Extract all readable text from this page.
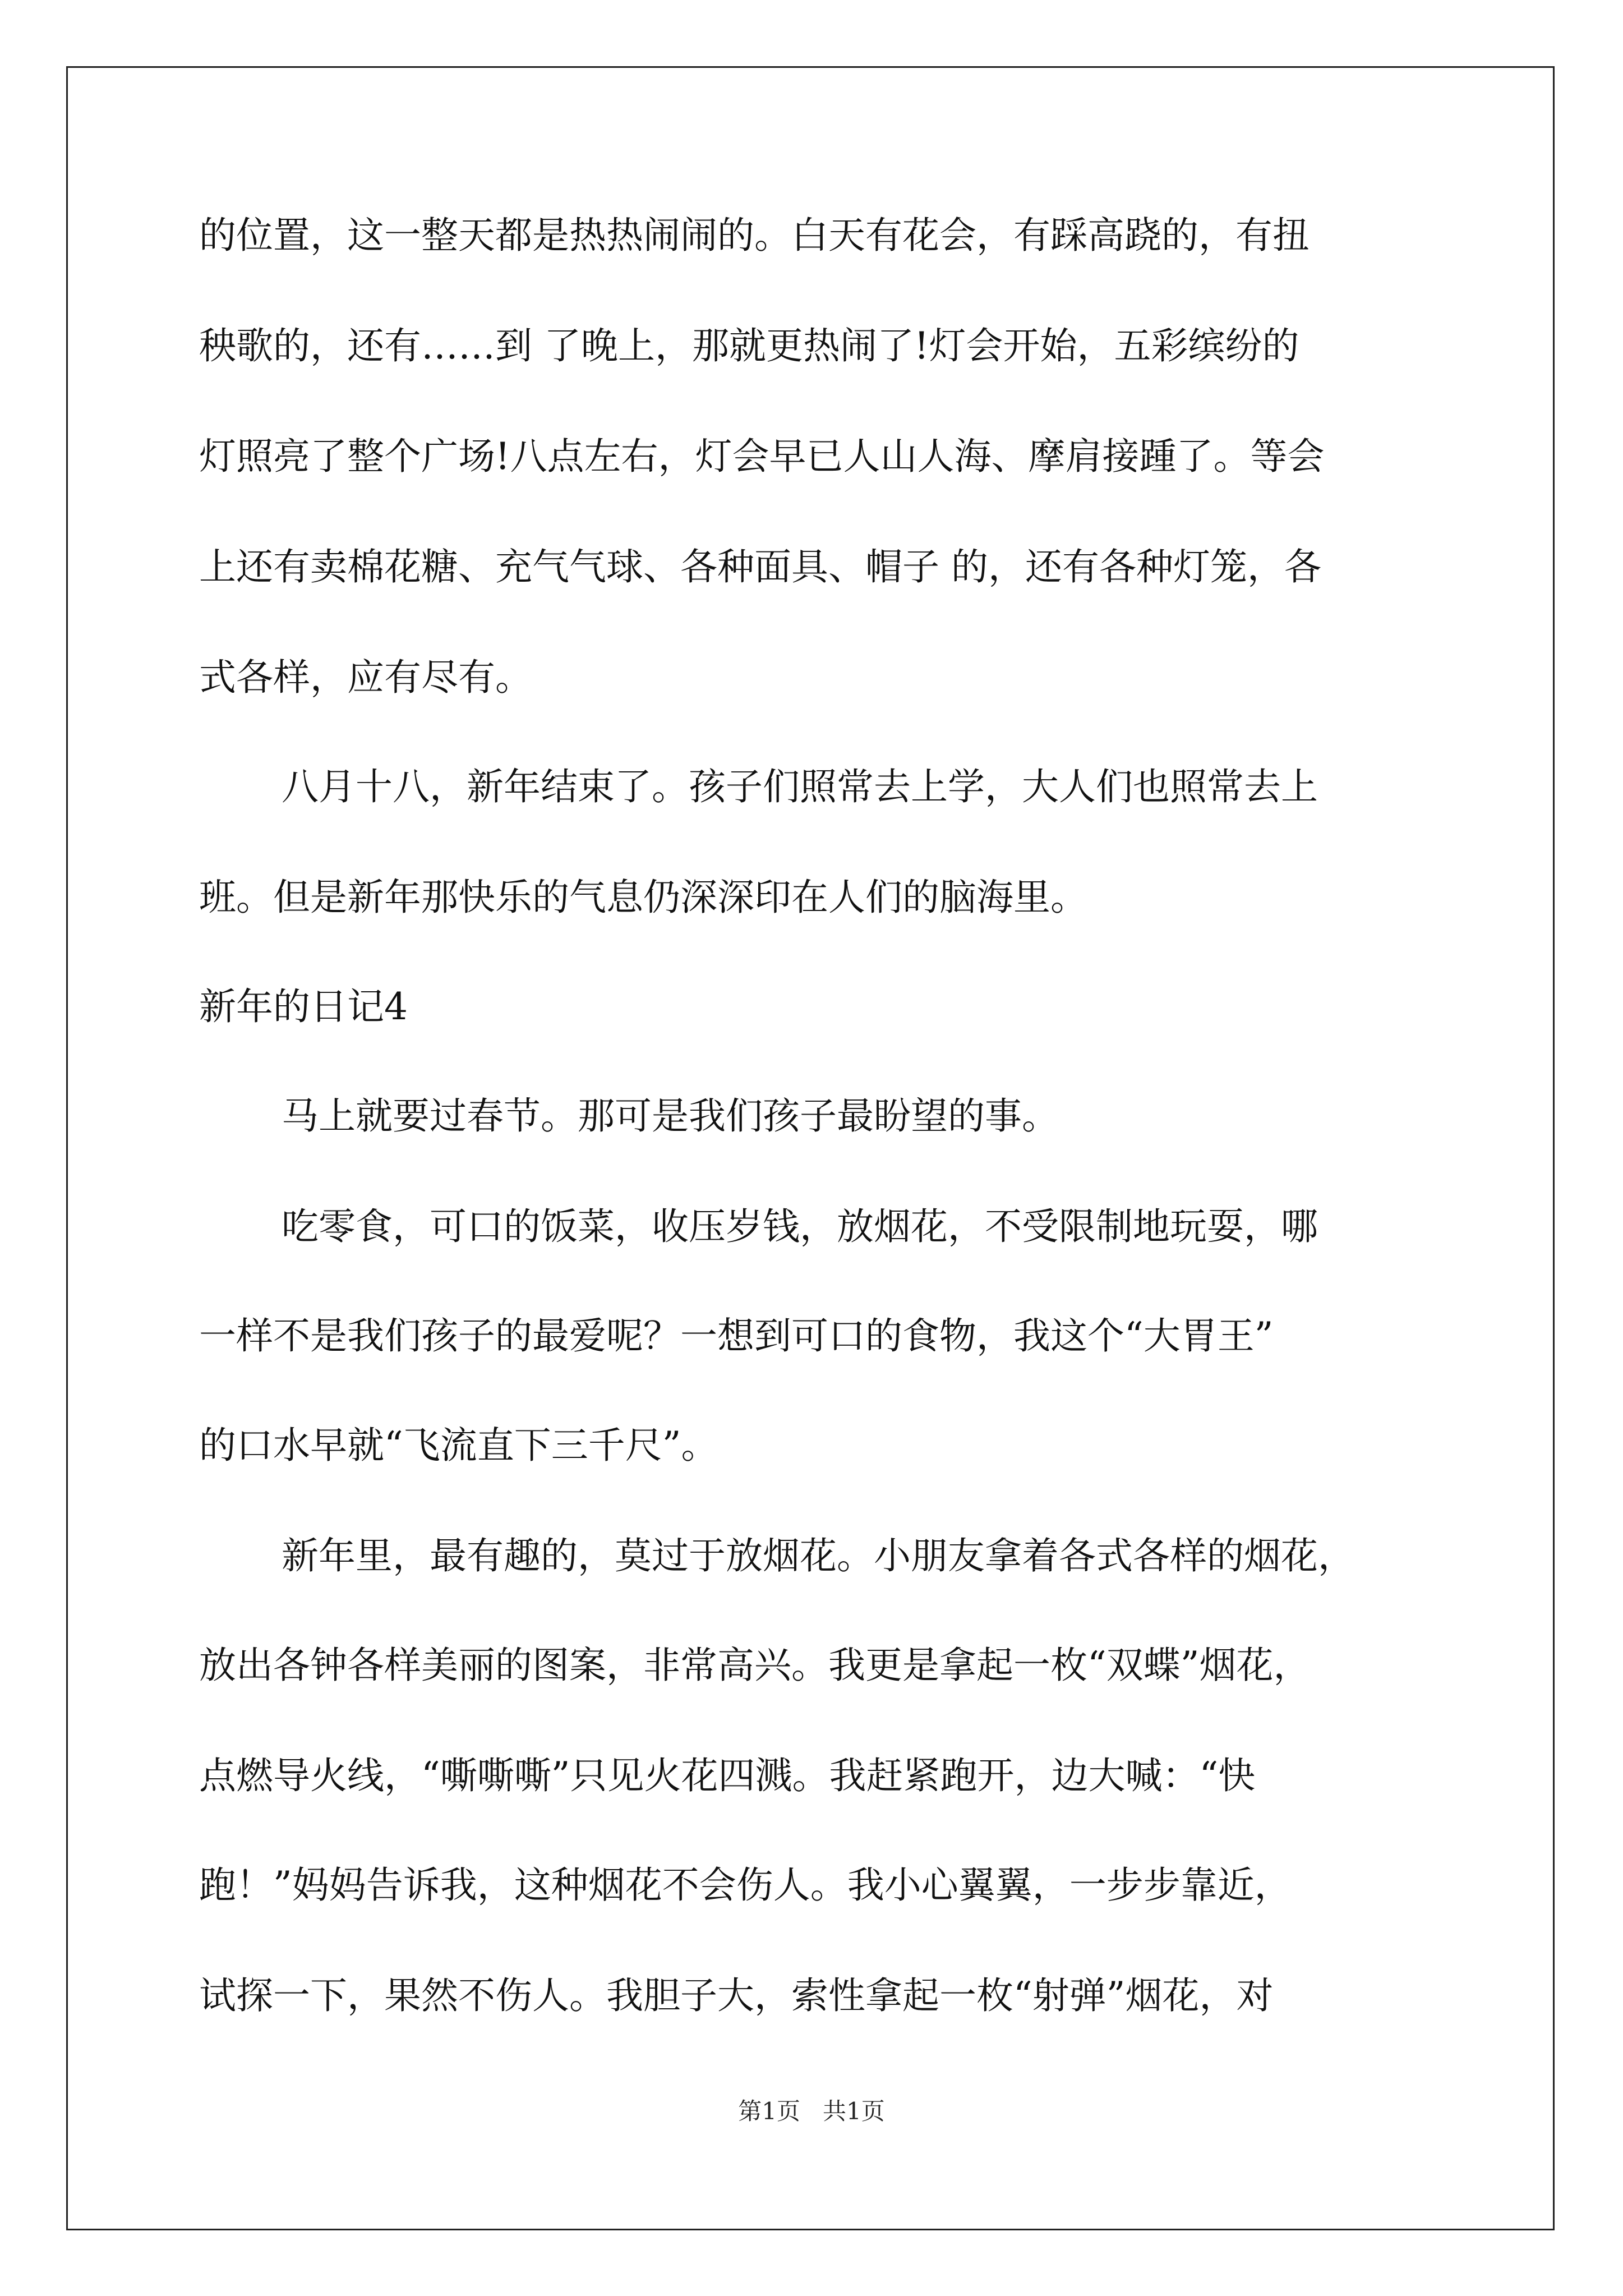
的位置，这一整天都是热热闹闹的。白天有花会，有踩高跷的，有扭
秧歌的，还有……到 了晚上，那就更热闹了!灯会开始，五彩缤纷的
灯照亮了整个广场!八点左右，灯会早已人山人海、摩肩接踵了。等会
上还有卖棉花糖、充气气球、各种面具、帽子 的，还有各种灯笼，各
式各样，应有尽有。
八月十八，新年结束了。孩子们照常去上学，大人们也照常去上
班。但是新年那快乐的气息仍深深印在人们的脑海里。
新年的日记4
马上就要过春节。那可是我们孩子最盼望的事。
吃零食，可口的饭菜，收压岁钱，放烟花，不受限制地玩耍，哪
一样不是我们孩子的最爱呢？一想到可口的食物，我这个“大胃王”
的口水早就“飞流直下三千尺”。
新年里，最有趣的，莫过于放烟花。小朋友拿着各式各样的烟花，
放出各钟各样美丽的图案，非常高兴。我更是拿起一枚“双蝶”烟花，
点燃导火线，“嘶嘶嘶”只见火花四溅。我赶紧跑开，边大喊：“快
跑！”妈妈告诉我，这种烟花不会伤人。我小心翼翼，一步步靠近，
试探一下，果然不伤人。我胆子大，索性拿起一枚“射弹”烟花，对
第1页   共1页
